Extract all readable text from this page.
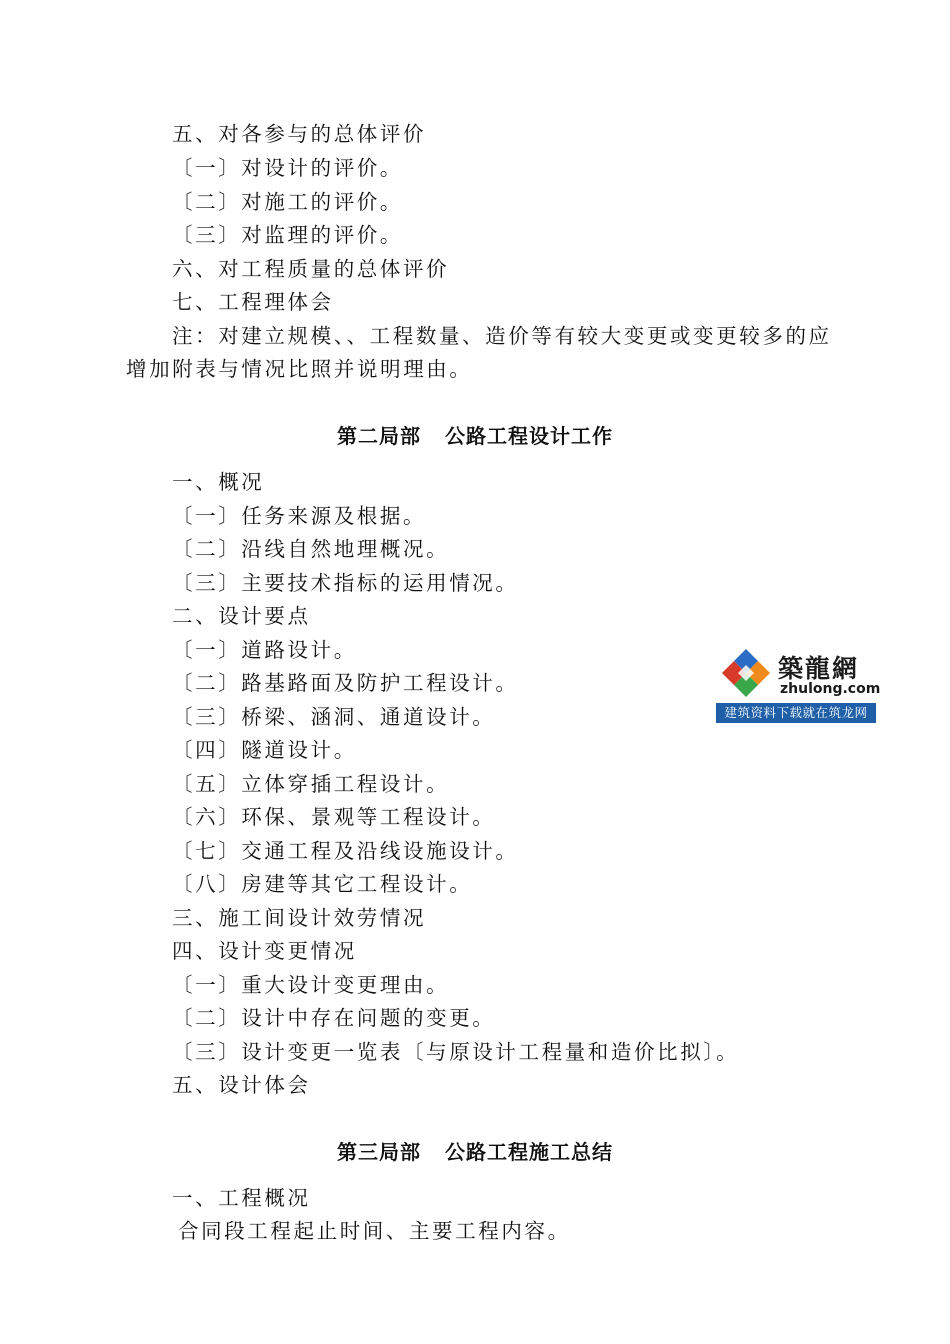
五、对各参与的总体评价
〔一〕对设计的评价。
〔二〕对施工的评价。
〔三〕对监理的评价。
六、对工程质量的总体评价
七、工程理体会
注：对建立规模、、工程数量、造价等有较大变更或变更较多的应
增加附表与情况比照并说明理由。
第二局部 公路工程设计工作
一、概况
〔一〕任务来源及根据。
〔二〕沿线自然地理概况。
〔三〕主要技术指标的运用情况。
二、设计要点
〔一〕道路设计。
〔二〕路基路面及防护工程设计。
〔三〕桥梁、涵洞、通道设计。
〔四〕隧道设计。
〔五〕立体穿插工程设计。
〔六〕环保、景观等工程设计。
〔七〕交通工程及沿线设施设计。
〔八〕房建等其它工程设计。
三、施工间设计效劳情况
四、设计变更情况
〔一〕重大设计变更理由。
〔二〕设计中存在问题的变更。
〔三〕设计变更一览表〔与原设计工程量和造价比拟〕。
五、设计体会
第三局部 公路工程施工总结
一、工程概况
合同段工程起止时间、主要工程内容。
築龍網
zhulong.com
建筑资料下载就在筑龙网
